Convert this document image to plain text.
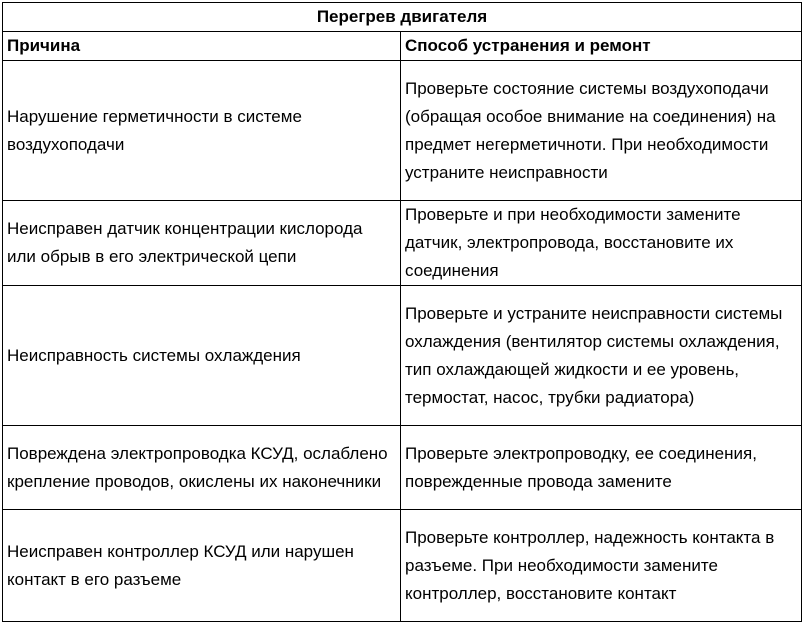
Перегрев двигателя	
Причина	Способ устранения и ремонт
Нарушение герметичности в системе воздухоподачи	Проверьте состояние системы воздухоподачи (обращая особое внимание на соединения) на предмет негерметичноти. При необходимости устраните неисправности
Неисправен датчик концентрации кислорода или обрыв в его электрической цепи	Проверьте и при необходимости замените датчик, электропровода, восстановите их соединения
Неисправность системы охлаждения	Проверьте и устраните неисправности системы охлаждения (вентилятор системы охлаждения, тип охлаждающей жидкости и ее уровень, термостат, насос, трубки радиатора)
Повреждена электропроводка КСУД, ослаблено крепление проводов, окислены их наконечники	Проверьте электропроводку, ее соединения, поврежденные провода замените
Неисправен контроллер КСУД или нарушен контакт в его разъеме	Проверьте контроллер, надежность контакта в разъеме. При необходимости замените контроллер, восстановите контакт
